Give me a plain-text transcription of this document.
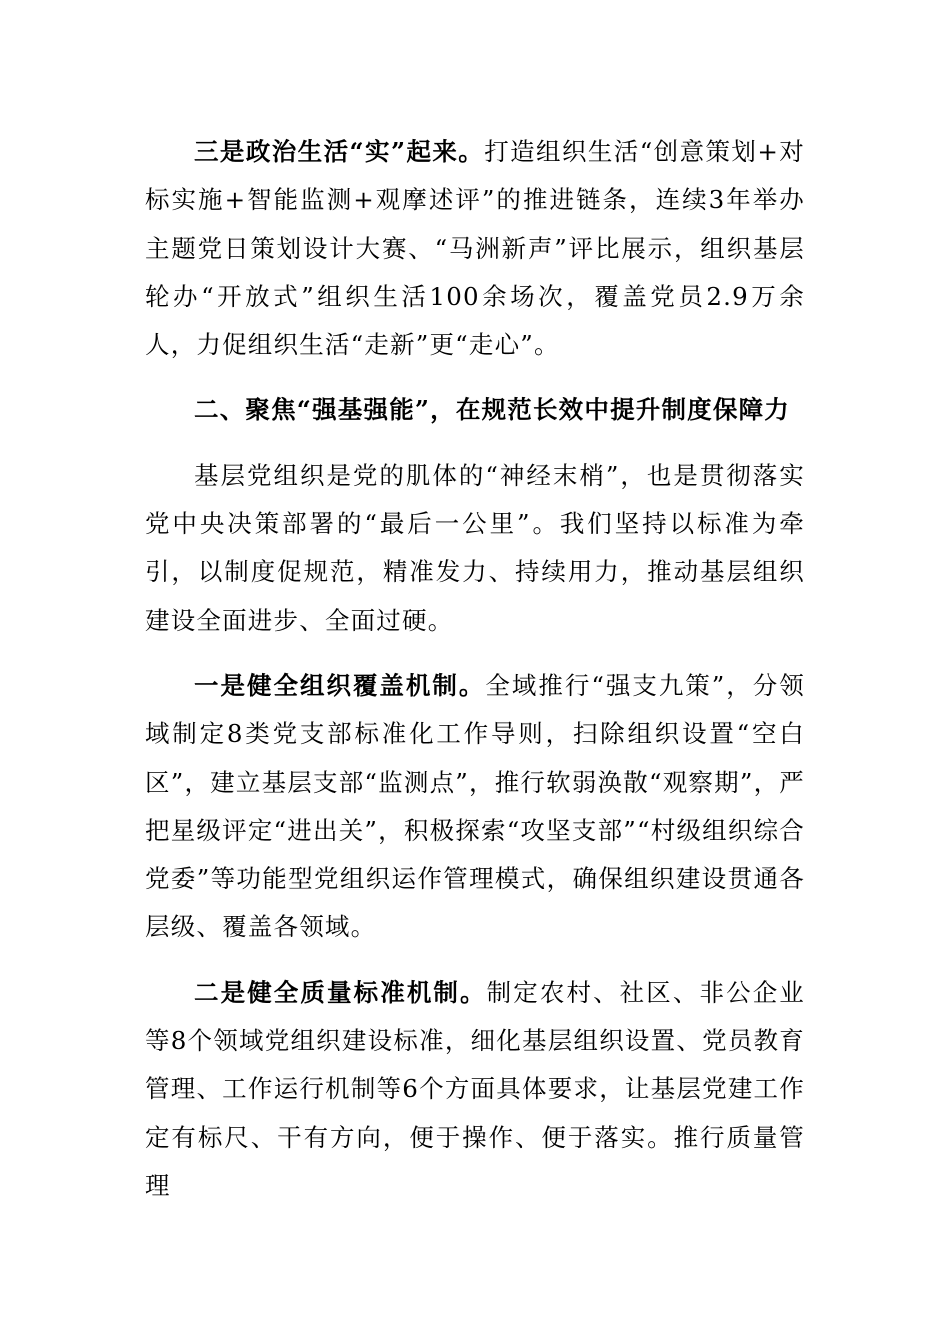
三是政治生活“实”起来。打造组织生活“创意策划+对标实施+智能监测+观摩述评”的推进链条，连续3年举办主题党日策划设计大赛、“马洲新声”评比展示，组织基层轮办“开放式”组织生活100余场次，覆盖党员2.9万余人，力促组织生活“走新”更“走心”。

二、聚焦“强基强能”，在规范长效中提升制度保障力

基层党组织是党的肌体的“神经末梢”，也是贯彻落实党中央决策部署的“最后一公里”。我们坚持以标准为牵引，以制度促规范，精准发力、持续用力，推动基层组织建设全面进步、全面过硬。

一是健全组织覆盖机制。全域推行“强支九策”，分领域制定8类党支部标准化工作导则，扫除组织设置“空白区”，建立基层支部“监测点”，推行软弱涣散“观察期”，严把星级评定“进出关”，积极探索“攻坚支部”“村级组织综合党委”等功能型党组织运作管理模式，确保组织建设贯通各层级、覆盖各领域。

二是健全质量标准机制。制定农村、社区、非公企业等8个领域党组织建设标准，细化基层组织设置、党员教育管理、工作运行机制等6个方面具体要求，让基层党建工作定有标尺、干有方向，便于操作、便于落实。推行质量管理
